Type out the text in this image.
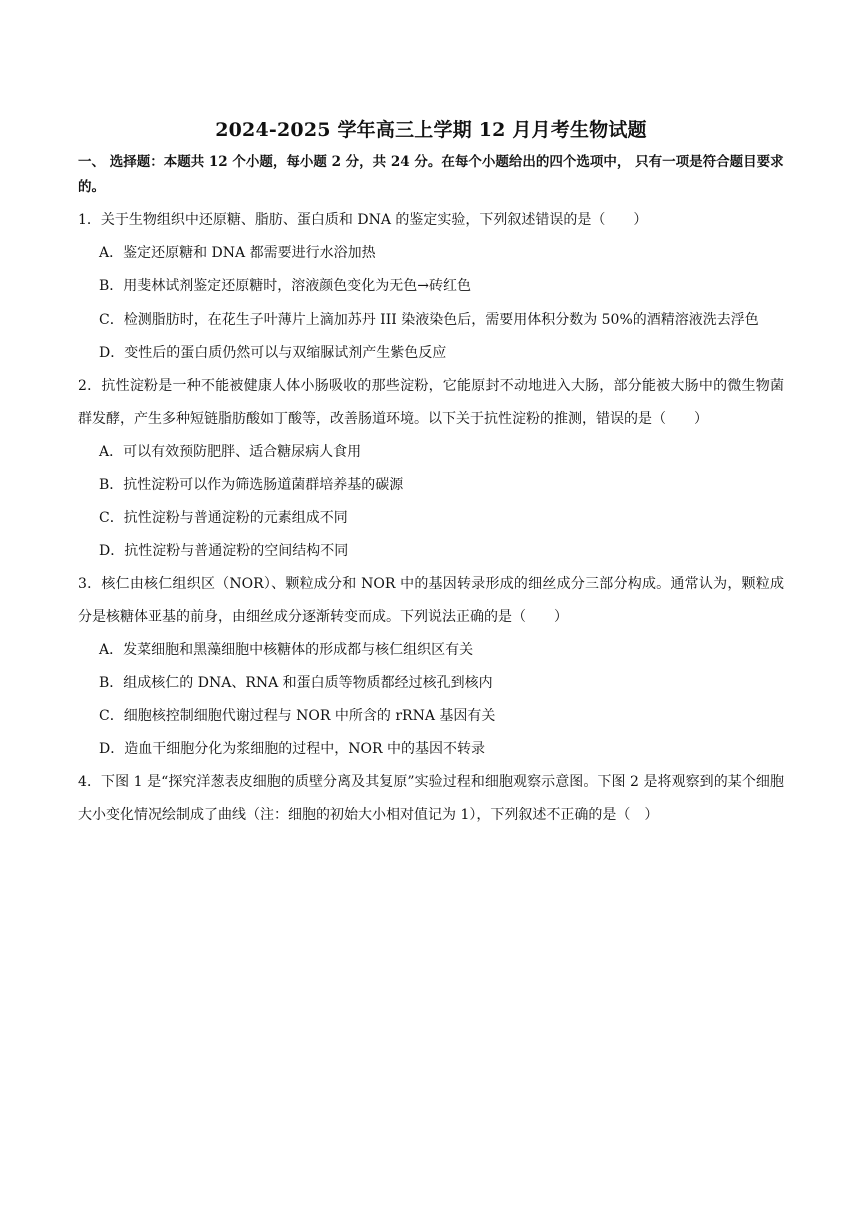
2024-2025 学年高三上学期 12 月月考生物试题
一、 选择题：本题共 12 个小题，每小题 2 分，共 24 分。在每个小题给出的四个选项中， 只有一项是符合题目要求的。
1．关于生物组织中还原糖、脂肪、蛋白质和 DNA 的鉴定实验，下列叙述错误的是（　　）
A．鉴定还原糖和 DNA 都需要进行水浴加热
B．用斐林试剂鉴定还原糖时，溶液颜色变化为无色→砖红色
C．检测脂肪时，在花生子叶薄片上滴加苏丹 III 染液染色后，需要用体积分数为 50%的酒精溶液洗去浮色
D．变性后的蛋白质仍然可以与双缩脲试剂产生紫色反应
2．抗性淀粉是一种不能被健康人体小肠吸收的那些淀粉，它能原封不动地进入大肠，部分能被大肠中的微生物菌群发酵，产生多种短链脂肪酸如丁酸等，改善肠道环境。以下关于抗性淀粉的推测，错误的是（　　）
A．可以有效预防肥胖、适合糖尿病人食用
B．抗性淀粉可以作为筛选肠道菌群培养基的碳源
C．抗性淀粉与普通淀粉的元素组成不同
D．抗性淀粉与普通淀粉的空间结构不同
3．核仁由核仁组织区（NOR）、颗粒成分和 NOR 中的基因转录形成的细丝成分三部分构成。通常认为，颗粒成分是核糖体亚基的前身，由细丝成分逐渐转变而成。下列说法正确的是（　　）
A．发菜细胞和黑藻细胞中核糖体的形成都与核仁组织区有关
B．组成核仁的 DNA、RNA 和蛋白质等物质都经过核孔到核内
C．细胞核控制细胞代谢过程与 NOR 中所含的 rRNA 基因有关
D．造血干细胞分化为浆细胞的过程中，NOR 中的基因不转录
4．下图 1 是“探究洋葱表皮细胞的质壁分离及其复原”实验过程和细胞观察示意图。下图 2 是将观察到的某个细胞大小变化情况绘制成了曲线（注：细胞的初始大小相对值记为 1），下列叙述不正确的是（　）
